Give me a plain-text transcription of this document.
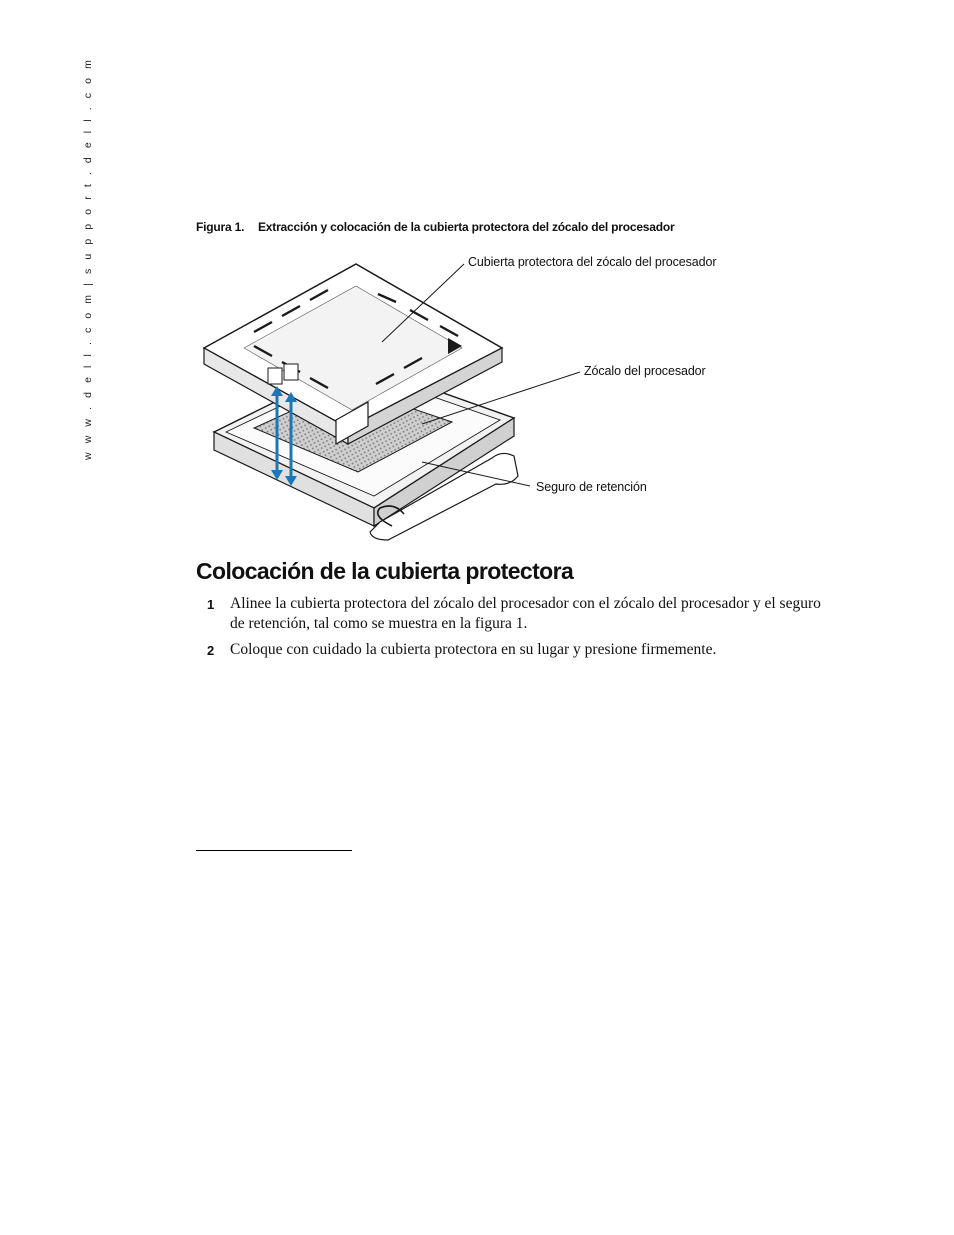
w w w . d e l l . c o m | s u p p o r t . d e l l . c o m	Figura 1. Extracción y colocación de la cubierta protectora del zócalo del procesador
Cubierta protectora del zócalo del procesador
Zócalo del procesador
Seguro de retención
Colocación de la cubierta protectora
1 Alinee la cubierta protectora del zócalo del procesador con el zócalo del procesador y el seguro de retención, tal como se muestra en la figura 1.
2 Coloque con cuidado la cubierta protectora en su lugar y presione firmemente.
